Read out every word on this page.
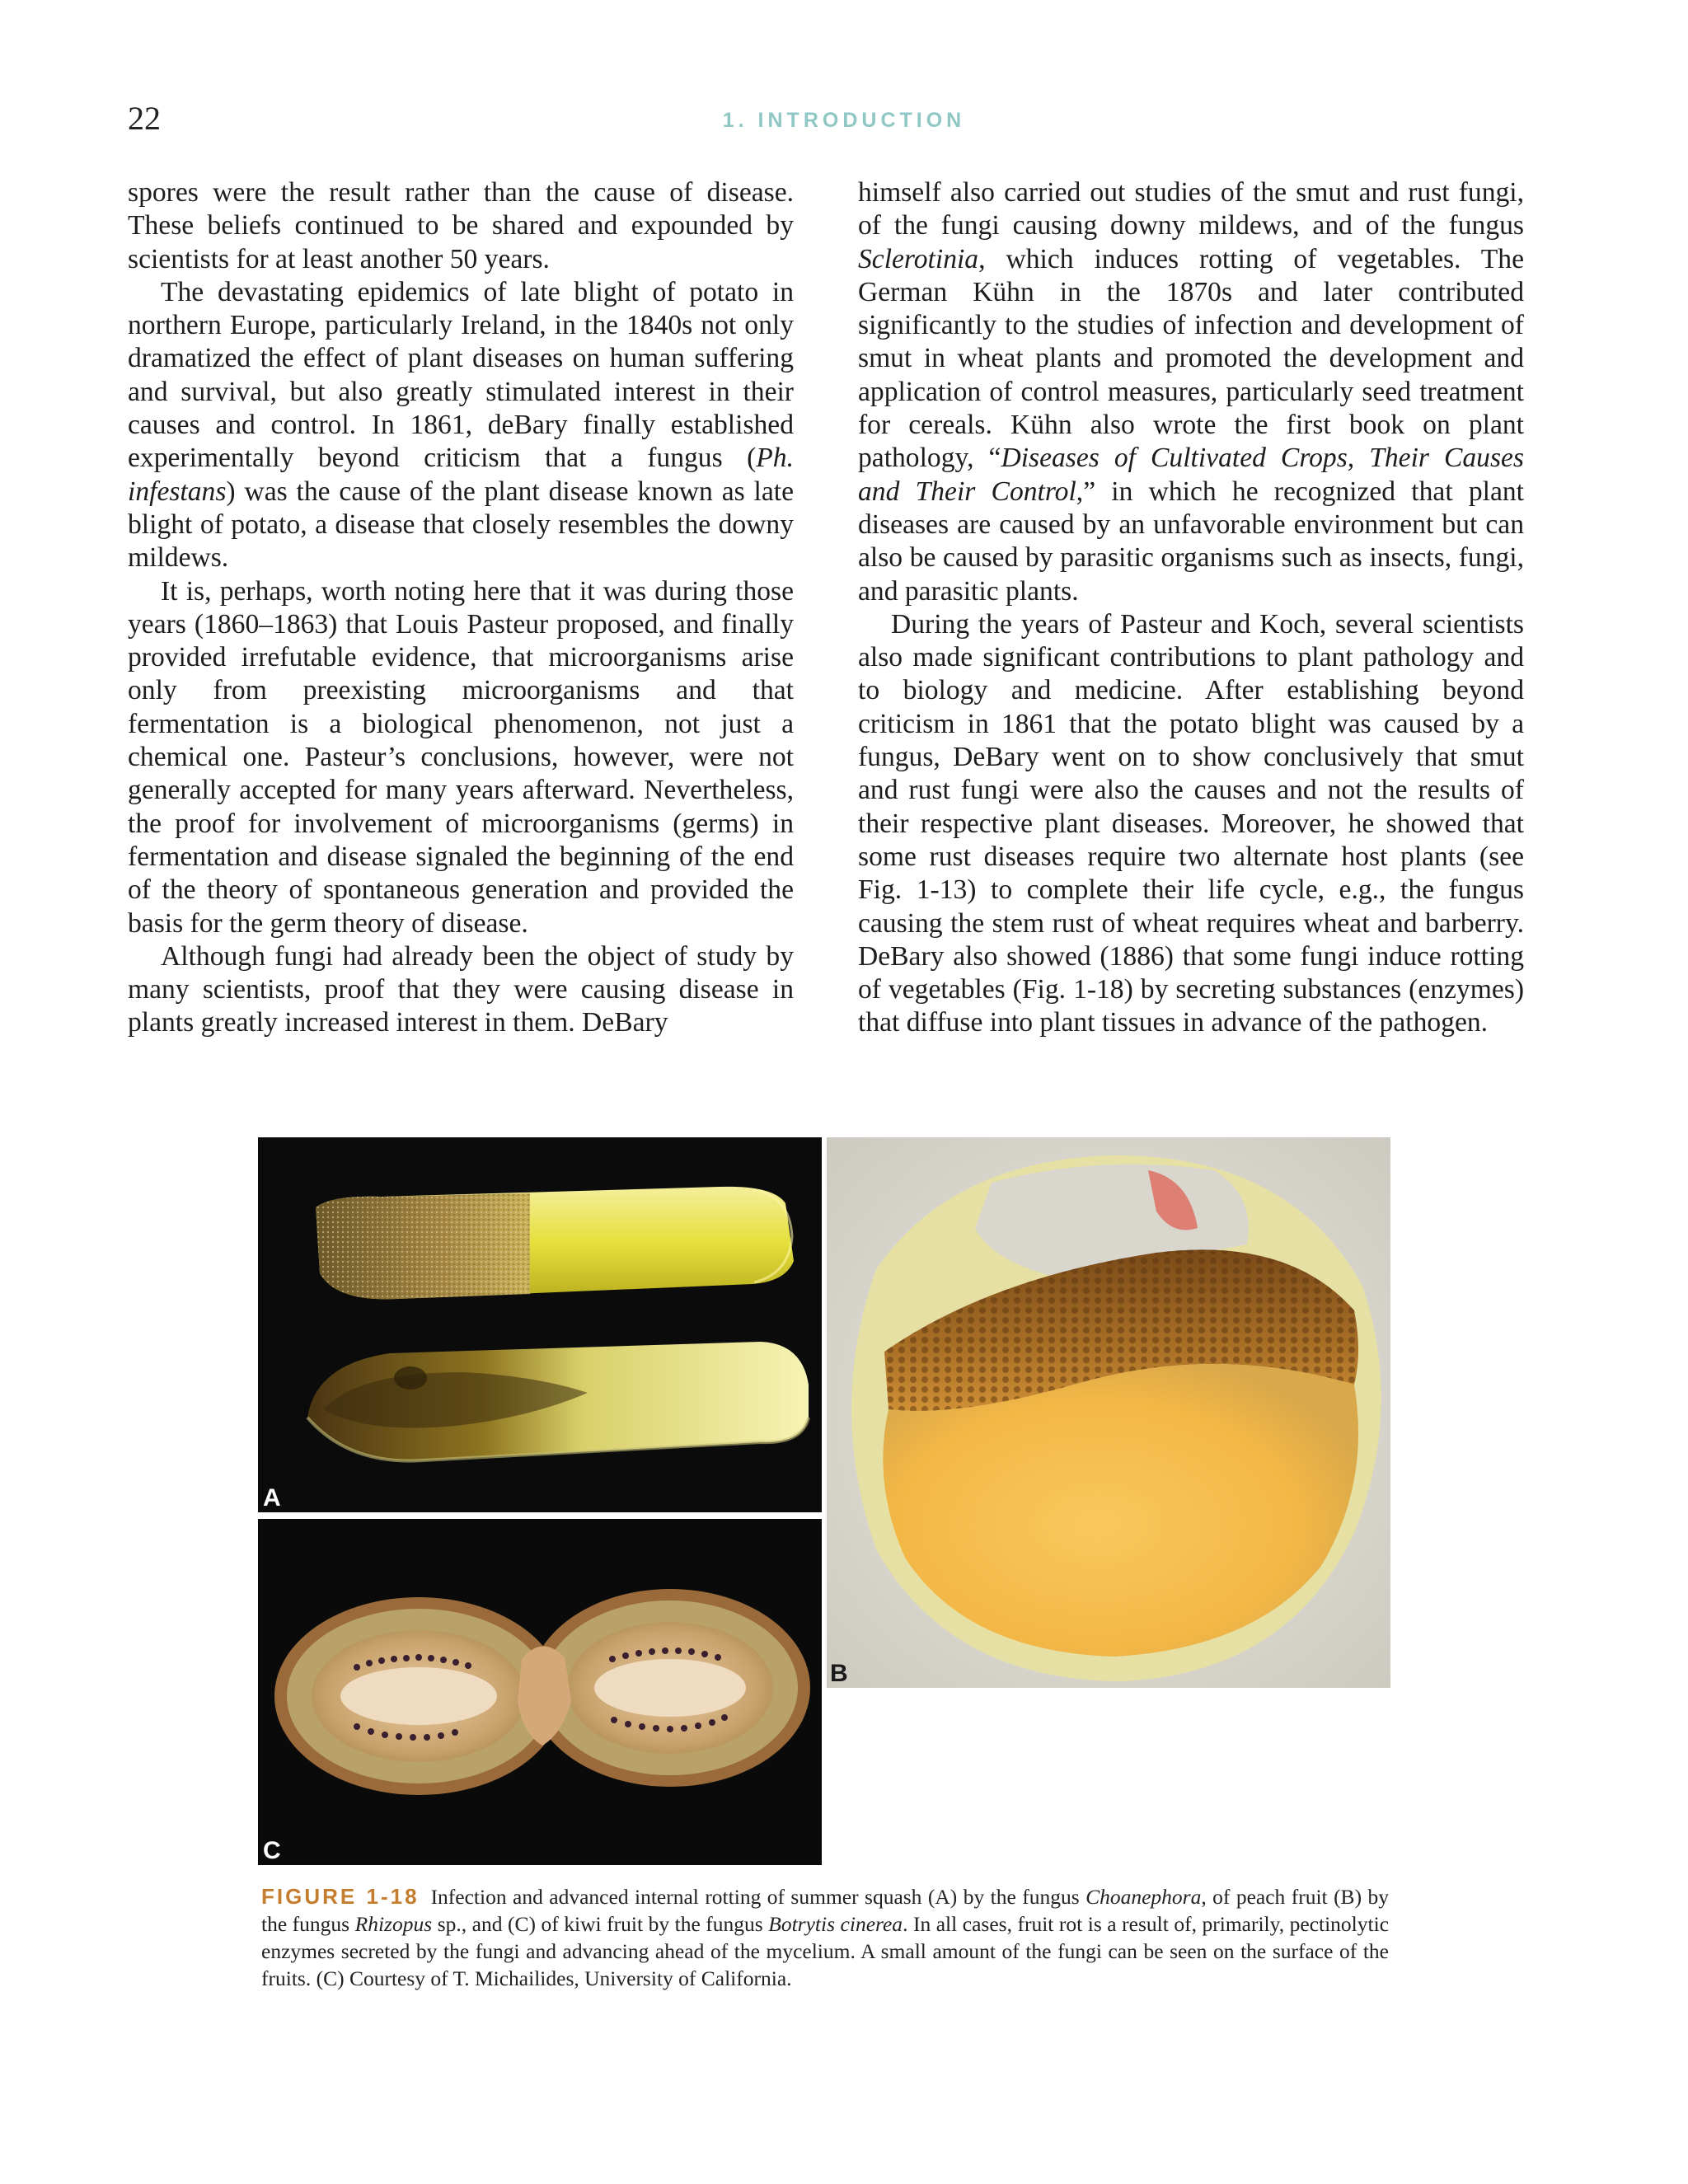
22	1. INTRODUCTION

spores were the result rather than the cause of disease. These beliefs continued to be shared and expounded by scientists for at least another 50 years.

The devastating epidemics of late blight of potato in northern Europe, particularly Ireland, in the 1840s not only dramatized the effect of plant diseases on human suffering and survival, but also greatly stimulated interest in their causes and control. In 1861, deBary finally established experimentally beyond criticism that a fungus (Ph. infestans) was the cause of the plant disease known as late blight of potato, a disease that closely resembles the downy mildews.

It is, perhaps, worth noting here that it was during those years (1860–1863) that Louis Pasteur proposed, and finally provided irrefutable evidence, that microorganisms arise only from preexisting microorganisms and that fermentation is a biological phenomenon, not just a chemical one. Pasteur’s conclusions, however, were not generally accepted for many years afterward. Nevertheless, the proof for involvement of microorganisms (germs) in fermentation and disease signaled the beginning of the end of the theory of spontaneous generation and provided the basis for the germ theory of disease.

Although fungi had already been the object of study by many scientists, proof that they were causing disease in plants greatly increased interest in them. DeBary

himself also carried out studies of the smut and rust fungi, of the fungi causing downy mildews, and of the fungus Sclerotinia, which induces rotting of vegetables. The German Kühn in the 1870s and later contributed significantly to the studies of infection and development of smut in wheat plants and promoted the development and application of control measures, particularly seed treatment for cereals. Kühn also wrote the first book on plant pathology, “Diseases of Cultivated Crops, Their Causes and Their Control,” in which he recognized that plant diseases are caused by an unfavorable environment but can also be caused by parasitic organisms such as insects, fungi, and parasitic plants.

During the years of Pasteur and Koch, several scientists also made significant contributions to plant pathology and to biology and medicine. After establishing beyond criticism in 1861 that the potato blight was caused by a fungus, DeBary went on to show conclusively that smut and rust fungi were also the causes and not the results of their respective plant diseases. Moreover, he showed that some rust diseases require two alternate host plants (see Fig. 1-13) to complete their life cycle, e.g., the fungus causing the stem rust of wheat requires wheat and barberry. DeBary also showed (1886) that some fungi induce rotting of vegetables (Fig. 1-18) by secreting substances (enzymes) that diffuse into plant tissues in advance of the pathogen.

A
B
C
FIGURE 1-18 Infection and advanced internal rotting of summer squash (A) by the fungus Choanephora, of peach fruit (B) by the fungus Rhizopus sp., and (C) of kiwi fruit by the fungus Botrytis cinerea. In all cases, fruit rot is a result of, primarily, pectinolytic enzymes secreted by the fungi and advancing ahead of the mycelium. A small amount of the fungi can be seen on the surface of the fruits. (C) Courtesy of T. Michailides, University of California.
